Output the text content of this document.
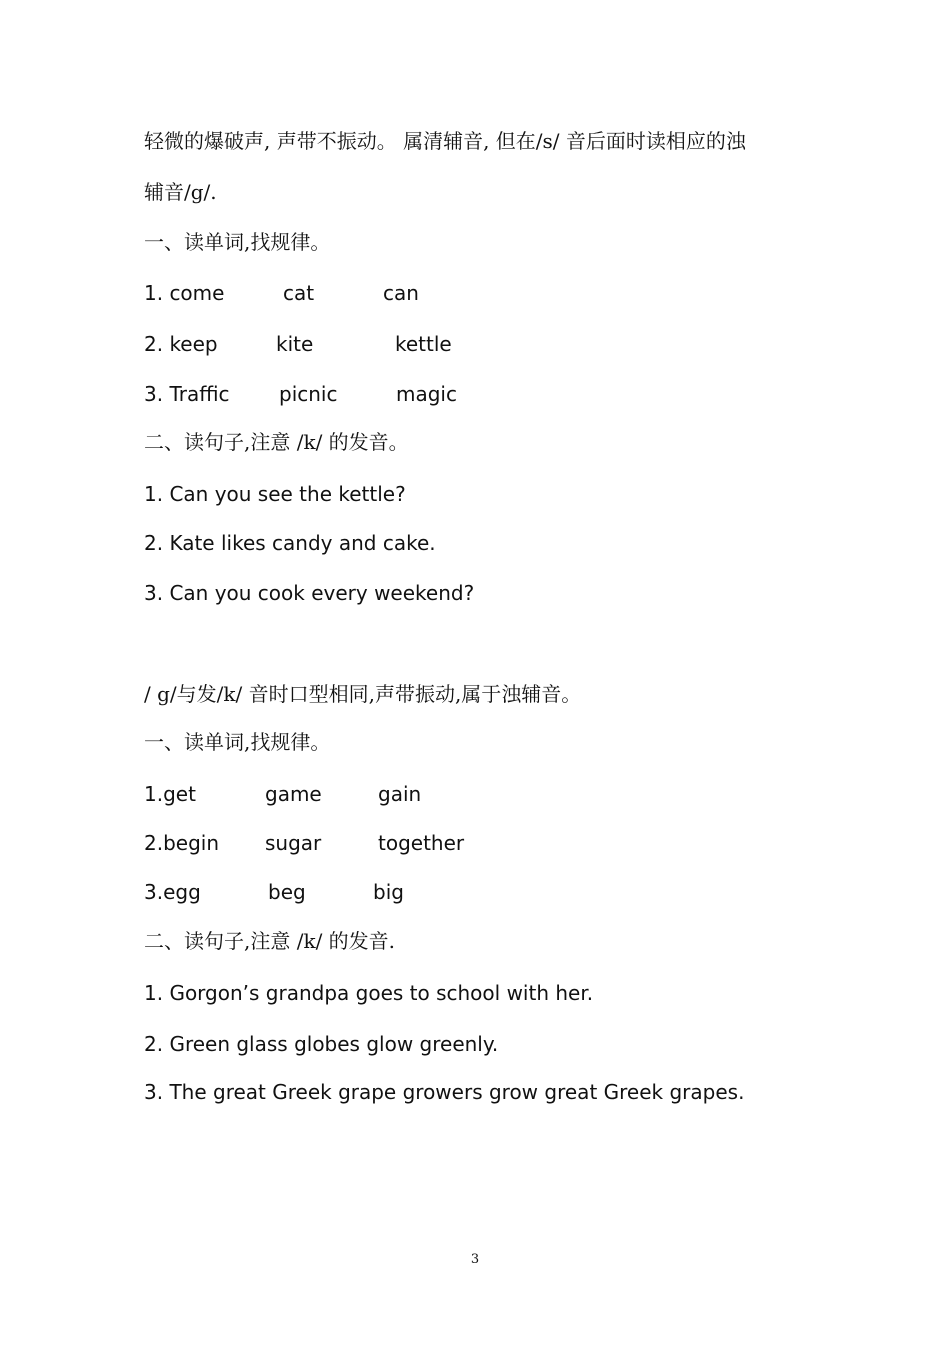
轻微的爆破声, 声带不振动。 属清辅音, 但在/s/ 音后面时读相应的浊
辅音/g/.
一、读单词,找规律。
1. come	cat	can
2. keep	kite	kettle
3. Traffic picnic	magic
二、读句子,注意 /k/ 的发音。
1. Can you see the kettle?
2. Kate likes candy and cake.
3. Can you cook every weekend?
/ g/与发/k/ 音时口型相同,声带振动,属于浊辅音。
一、读单词,找规律。
1.get	game	gain
2.begin sugar	together
3.egg	beg	big
二、读句子,注意 /k/ 的发音.
1. Gorgon’s grandpa goes to school with her.
2. Green glass globes glow greenly.
3. The great Greek grape growers grow great Greek grapes.
3
